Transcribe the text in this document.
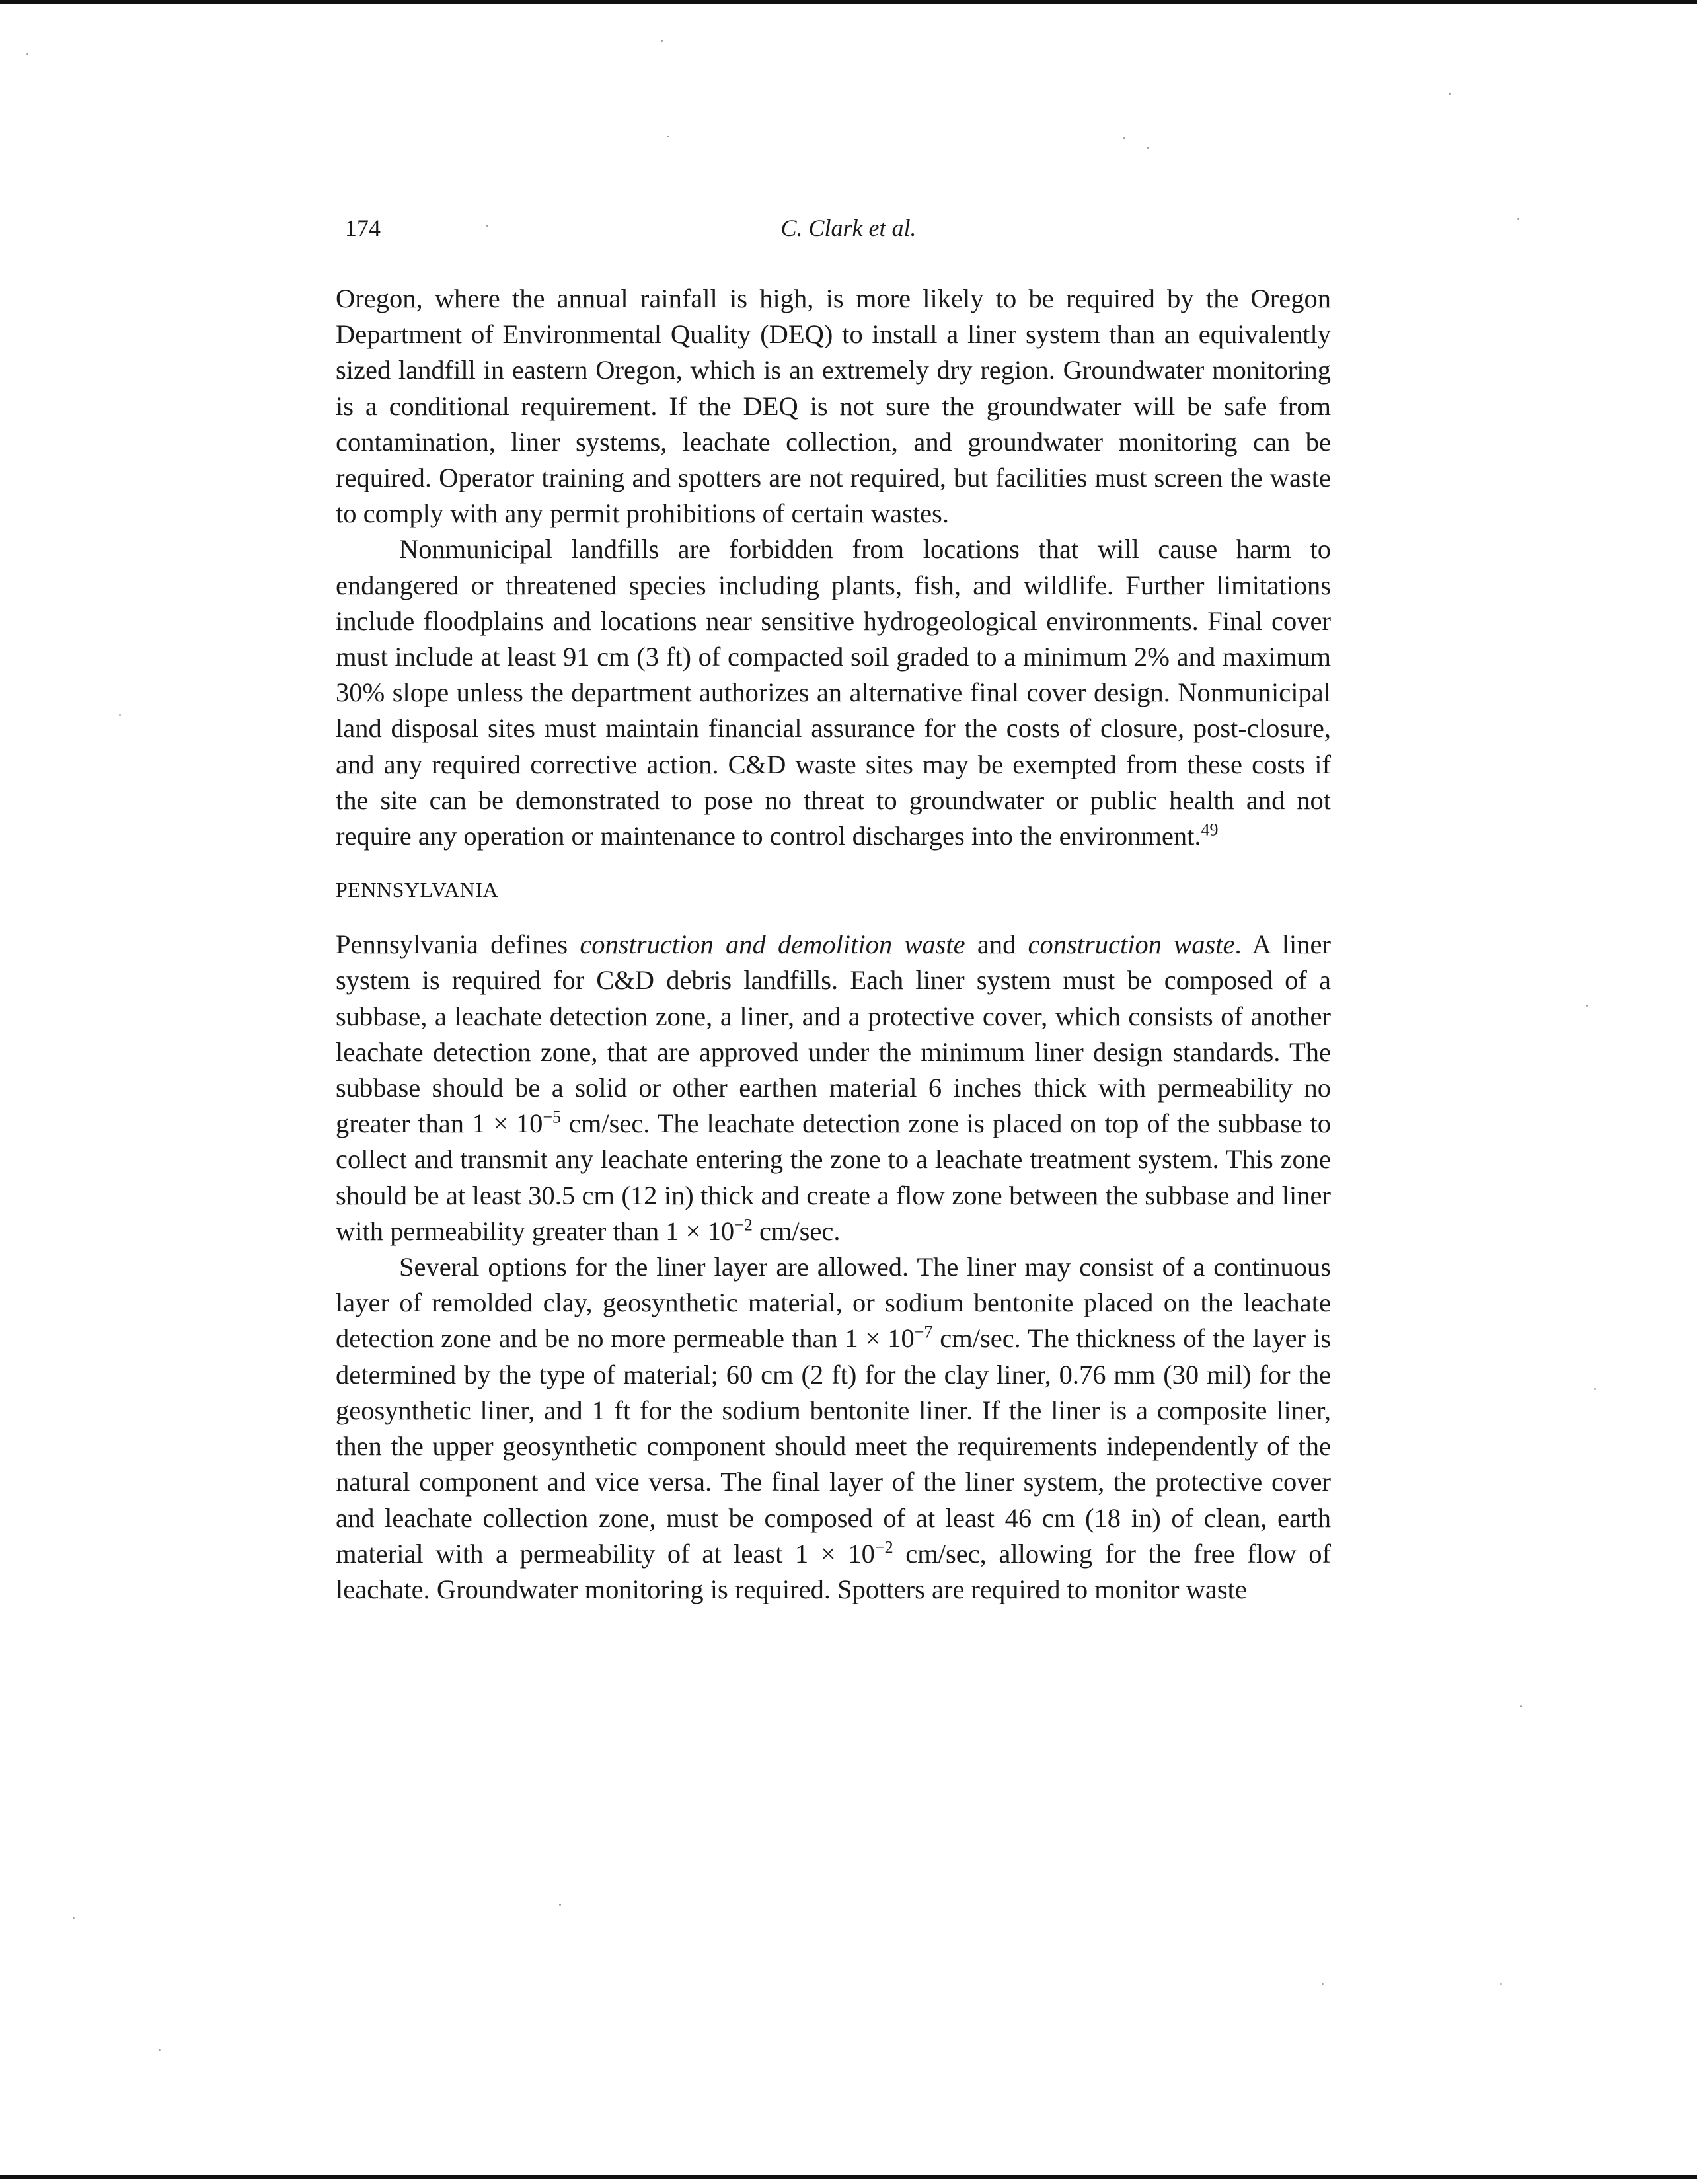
174	C. Clark et al.

Oregon, where the annual rainfall is high, is more likely to be required by the Oregon Department of Environmental Quality (DEQ) to install a liner system than an equivalently sized landfill in eastern Oregon, which is an extremely dry region. Groundwater monitoring is a conditional requirement. If the DEQ is not sure the groundwater will be safe from contamination, liner systems, leachate collection, and groundwater monitoring can be required. Operator training and spotters are not required, but facilities must screen the waste to comply with any permit prohibitions of certain wastes.

Nonmunicipal landfills are forbidden from locations that will cause harm to endangered or threatened species including plants, fish, and wildlife. Further limitations include floodplains and locations near sensitive hydrogeological environments. Final cover must include at least 91 cm (3 ft) of compacted soil graded to a minimum 2% and maximum 30% slope unless the department authorizes an alternative final cover design. Nonmunicipal land disposal sites must maintain financial assurance for the costs of closure, post-closure, and any required corrective action. C&D waste sites may be exempted from these costs if the site can be demonstrated to pose no threat to groundwater or public health and not require any operation or maintenance to control discharges into the environment.$^{49}$

PENNSYLVANIA

Pennsylvania defines construction and demolition waste and construction waste. A liner system is required for C&D debris landfills. Each liner system must be composed of a subbase, a leachate detection zone, a liner, and a protective cover, which consists of another leachate detection zone, that are approved under the minimum liner design standards. The subbase should be a solid or other earthen material 6 inches thick with permeability no greater than $1 \times 10^{-5}$ cm/sec. The leachate detection zone is placed on top of the subbase to collect and transmit any leachate entering the zone to a leachate treatment system. This zone should be at least 30.5 cm (12 in) thick and create a flow zone between the subbase and liner with permeability greater than $1 \times 10^{-2}$ cm/sec.

Several options for the liner layer are allowed. The liner may consist of a continuous layer of remolded clay, geosynthetic material, or sodium bentonite placed on the leachate detection zone and be no more permeable than $1 \times 10^{-7}$ cm/sec. The thickness of the layer is determined by the type of material; 60 cm (2 ft) for the clay liner, 0.76 mm (30 mil) for the geosynthetic liner, and 1 ft for the sodium bentonite liner. If the liner is a composite liner, then the upper geosynthetic component should meet the requirements independently of the natural component and vice versa. The final layer of the liner system, the protective cover and leachate collection zone, must be composed of at least 46 cm (18 in) of clean, earth material with a permeability of at least $1 \times 10^{-2}$ cm/sec, allowing for the free flow of leachate. Groundwater monitoring is required. Spotters are required to monitor waste
